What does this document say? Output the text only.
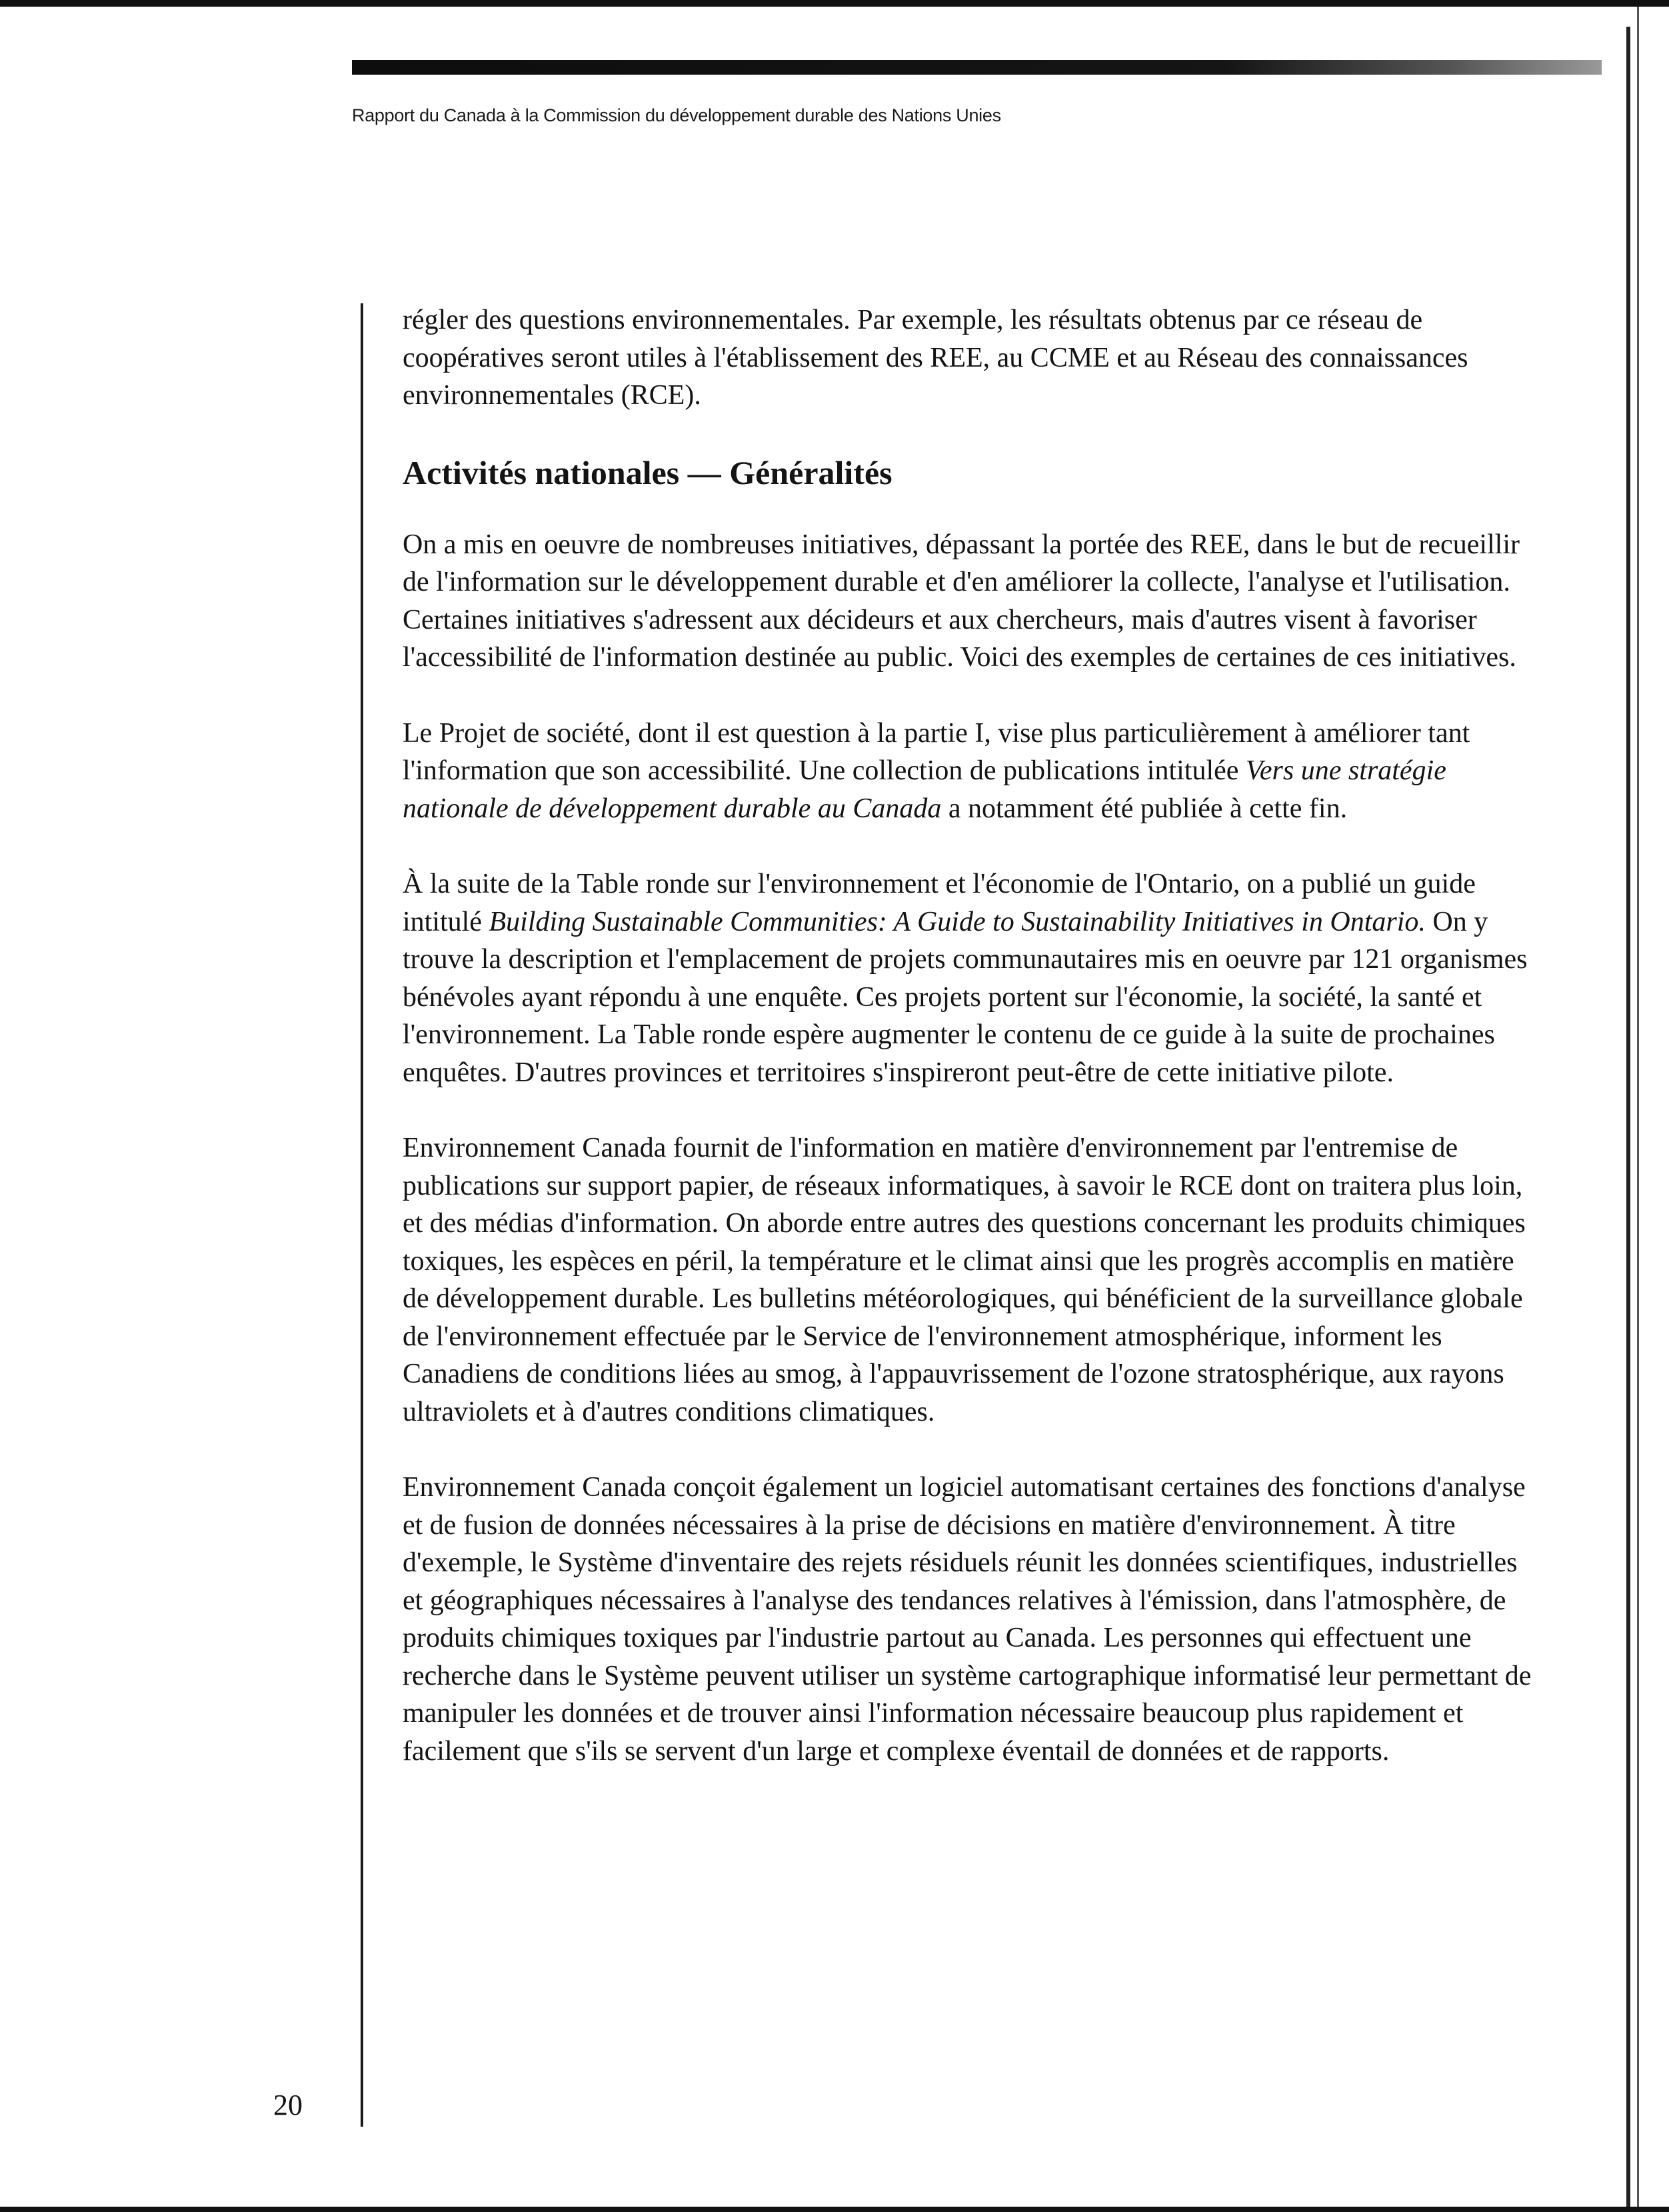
Rapport du Canada à la Commission du développement durable des Nations Unies

régler des questions environnementales. Par exemple, les résultats obtenus par ce réseau de coopératives seront utiles à l'établissement des REE, au CCME et au Réseau des connaissances environnementales (RCE).

Activités nationales — Généralités

On a mis en oeuvre de nombreuses initiatives, dépassant la portée des REE, dans le but de recueillir de l'information sur le développement durable et d'en améliorer la collecte, l'analyse et l'utilisation. Certaines initiatives s'adressent aux décideurs et aux chercheurs, mais d'autres visent à favoriser l'accessibilité de l'information destinée au public. Voici des exemples de certaines de ces initiatives.

Le Projet de société, dont il est question à la partie I, vise plus particulièrement à améliorer tant l'information que son accessibilité. Une collection de publications intitulée Vers une stratégie nationale de développement durable au Canada a notamment été publiée à cette fin.

À la suite de la Table ronde sur l'environnement et l'économie de l'Ontario, on a publié un guide intitulé Building Sustainable Communities: A Guide to Sustainability Initiatives in Ontario. On y trouve la description et l'emplacement de projets communautaires mis en oeuvre par 121 organismes bénévoles ayant répondu à une enquête. Ces projets portent sur l'économie, la société, la santé et l'environnement. La Table ronde espère augmenter le contenu de ce guide à la suite de prochaines enquêtes. D'autres provinces et territoires s'inspireront peut-être de cette initiative pilote.

Environnement Canada fournit de l'information en matière d'environnement par l'entremise de publications sur support papier, de réseaux informatiques, à savoir le RCE dont on traitera plus loin, et des médias d'information. On aborde entre autres des questions concernant les produits chimiques toxiques, les espèces en péril, la température et le climat ainsi que les progrès accomplis en matière de développement durable. Les bulletins météorologiques, qui bénéficient de la surveillance globale de l'environnement effectuée par le Service de l'environnement atmosphérique, informent les Canadiens de conditions liées au smog, à l'appauvrissement de l'ozone stratosphérique, aux rayons ultraviolets et à d'autres conditions climatiques.

Environnement Canada conçoit également un logiciel automatisant certaines des fonctions d'analyse et de fusion de données nécessaires à la prise de décisions en matière d'environnement. À titre d'exemple, le Système d'inventaire des rejets résiduels réunit les données scientifiques, industrielles et géographiques nécessaires à l'analyse des tendances relatives à l'émission, dans l'atmosphère, de produits chimiques toxiques par l'industrie partout au Canada. Les personnes qui effectuent une recherche dans le Système peuvent utiliser un système cartographique informatisé leur permettant de manipuler les données et de trouver ainsi l'information nécessaire beaucoup plus rapidement et facilement que s'ils se servent d'un large et complexe éventail de données et de rapports.

20
